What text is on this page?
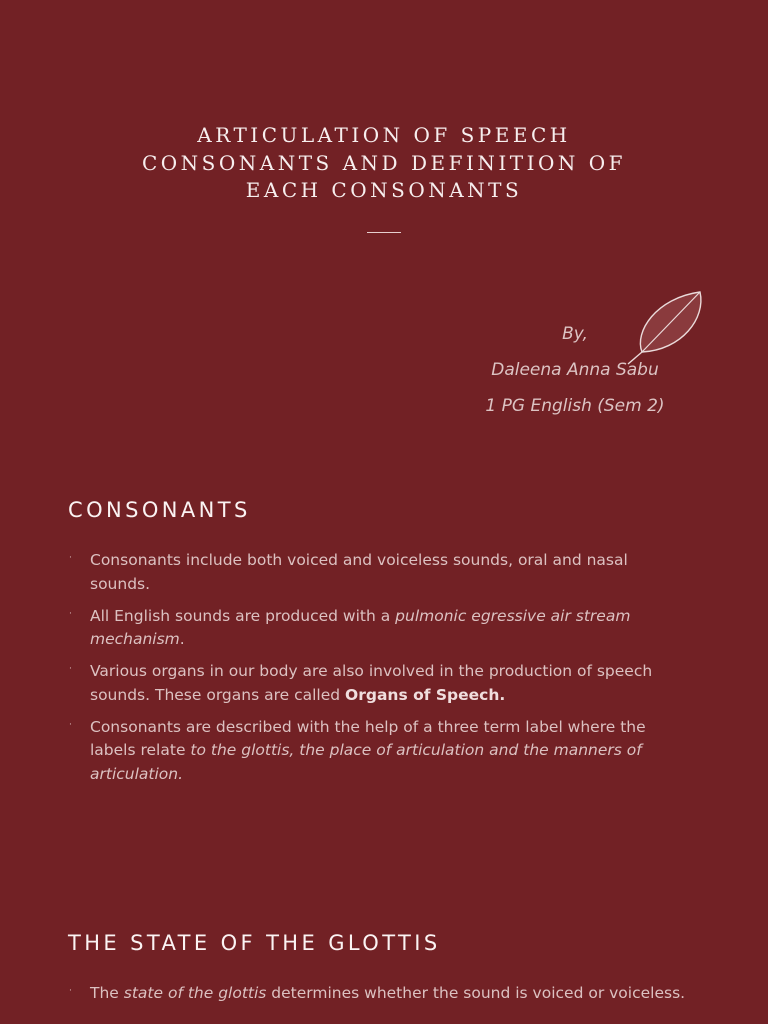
ARTICULATION OF SPEECH
CONSONANTS AND DEFINITION OF
EACH CONSONANTS
By,
Daleena Anna Sabu
1 PG English (Sem 2)
CONSONANTS
· Consonants include both voiced and voiceless sounds, oral and nasal sounds.
· All English sounds are produced with a pulmonic egressive air stream mechanism.
· Various organs in our body are also involved in the production of speech sounds. These organs are called Organs of Speech.
· Consonants are described with the help of a three term label where the labels relate to the glottis, the place of articulation and the manners of articulation.
THE STATE OF THE GLOTTIS
· The state of the glottis determines whether the sound is voiced or voiceless.
